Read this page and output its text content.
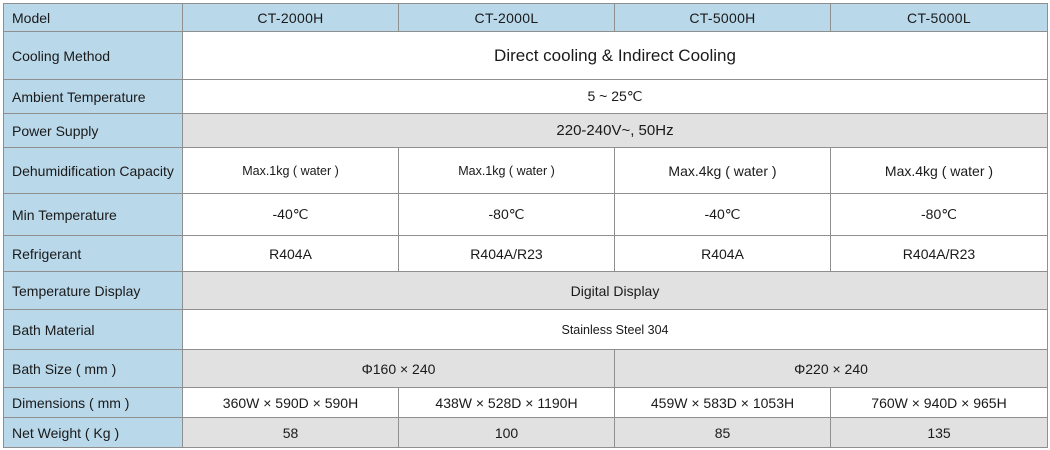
Model	CT-2000H	CT-2000L	CT-5000H	CT-5000L
Cooling Method	Direct cooling & Indirect Cooling			
Ambient Temperature	5 ~ 25℃			
Power Supply	220-240V~, 50Hz			
Dehumidification Capacity	Max.1kg ( water )	Max.1kg ( water )	Max.4kg ( water )	Max.4kg ( water )
Min Temperature	-40℃	-80℃	-40℃	-80℃
Refrigerant	R404A	R404A/R23	R404A	R404A/R23
Temperature Display	Digital Display			
Bath Material	Stainless Steel 304			
Bath Size ( mm )	Φ160 × 240		Φ220 × 240	
Dimensions ( mm )	360W × 590D × 590H	438W × 528D × 1190H	459W × 583D × 1053H	760W × 940D × 965H
Net Weight ( Kg )	58	100	85	135
